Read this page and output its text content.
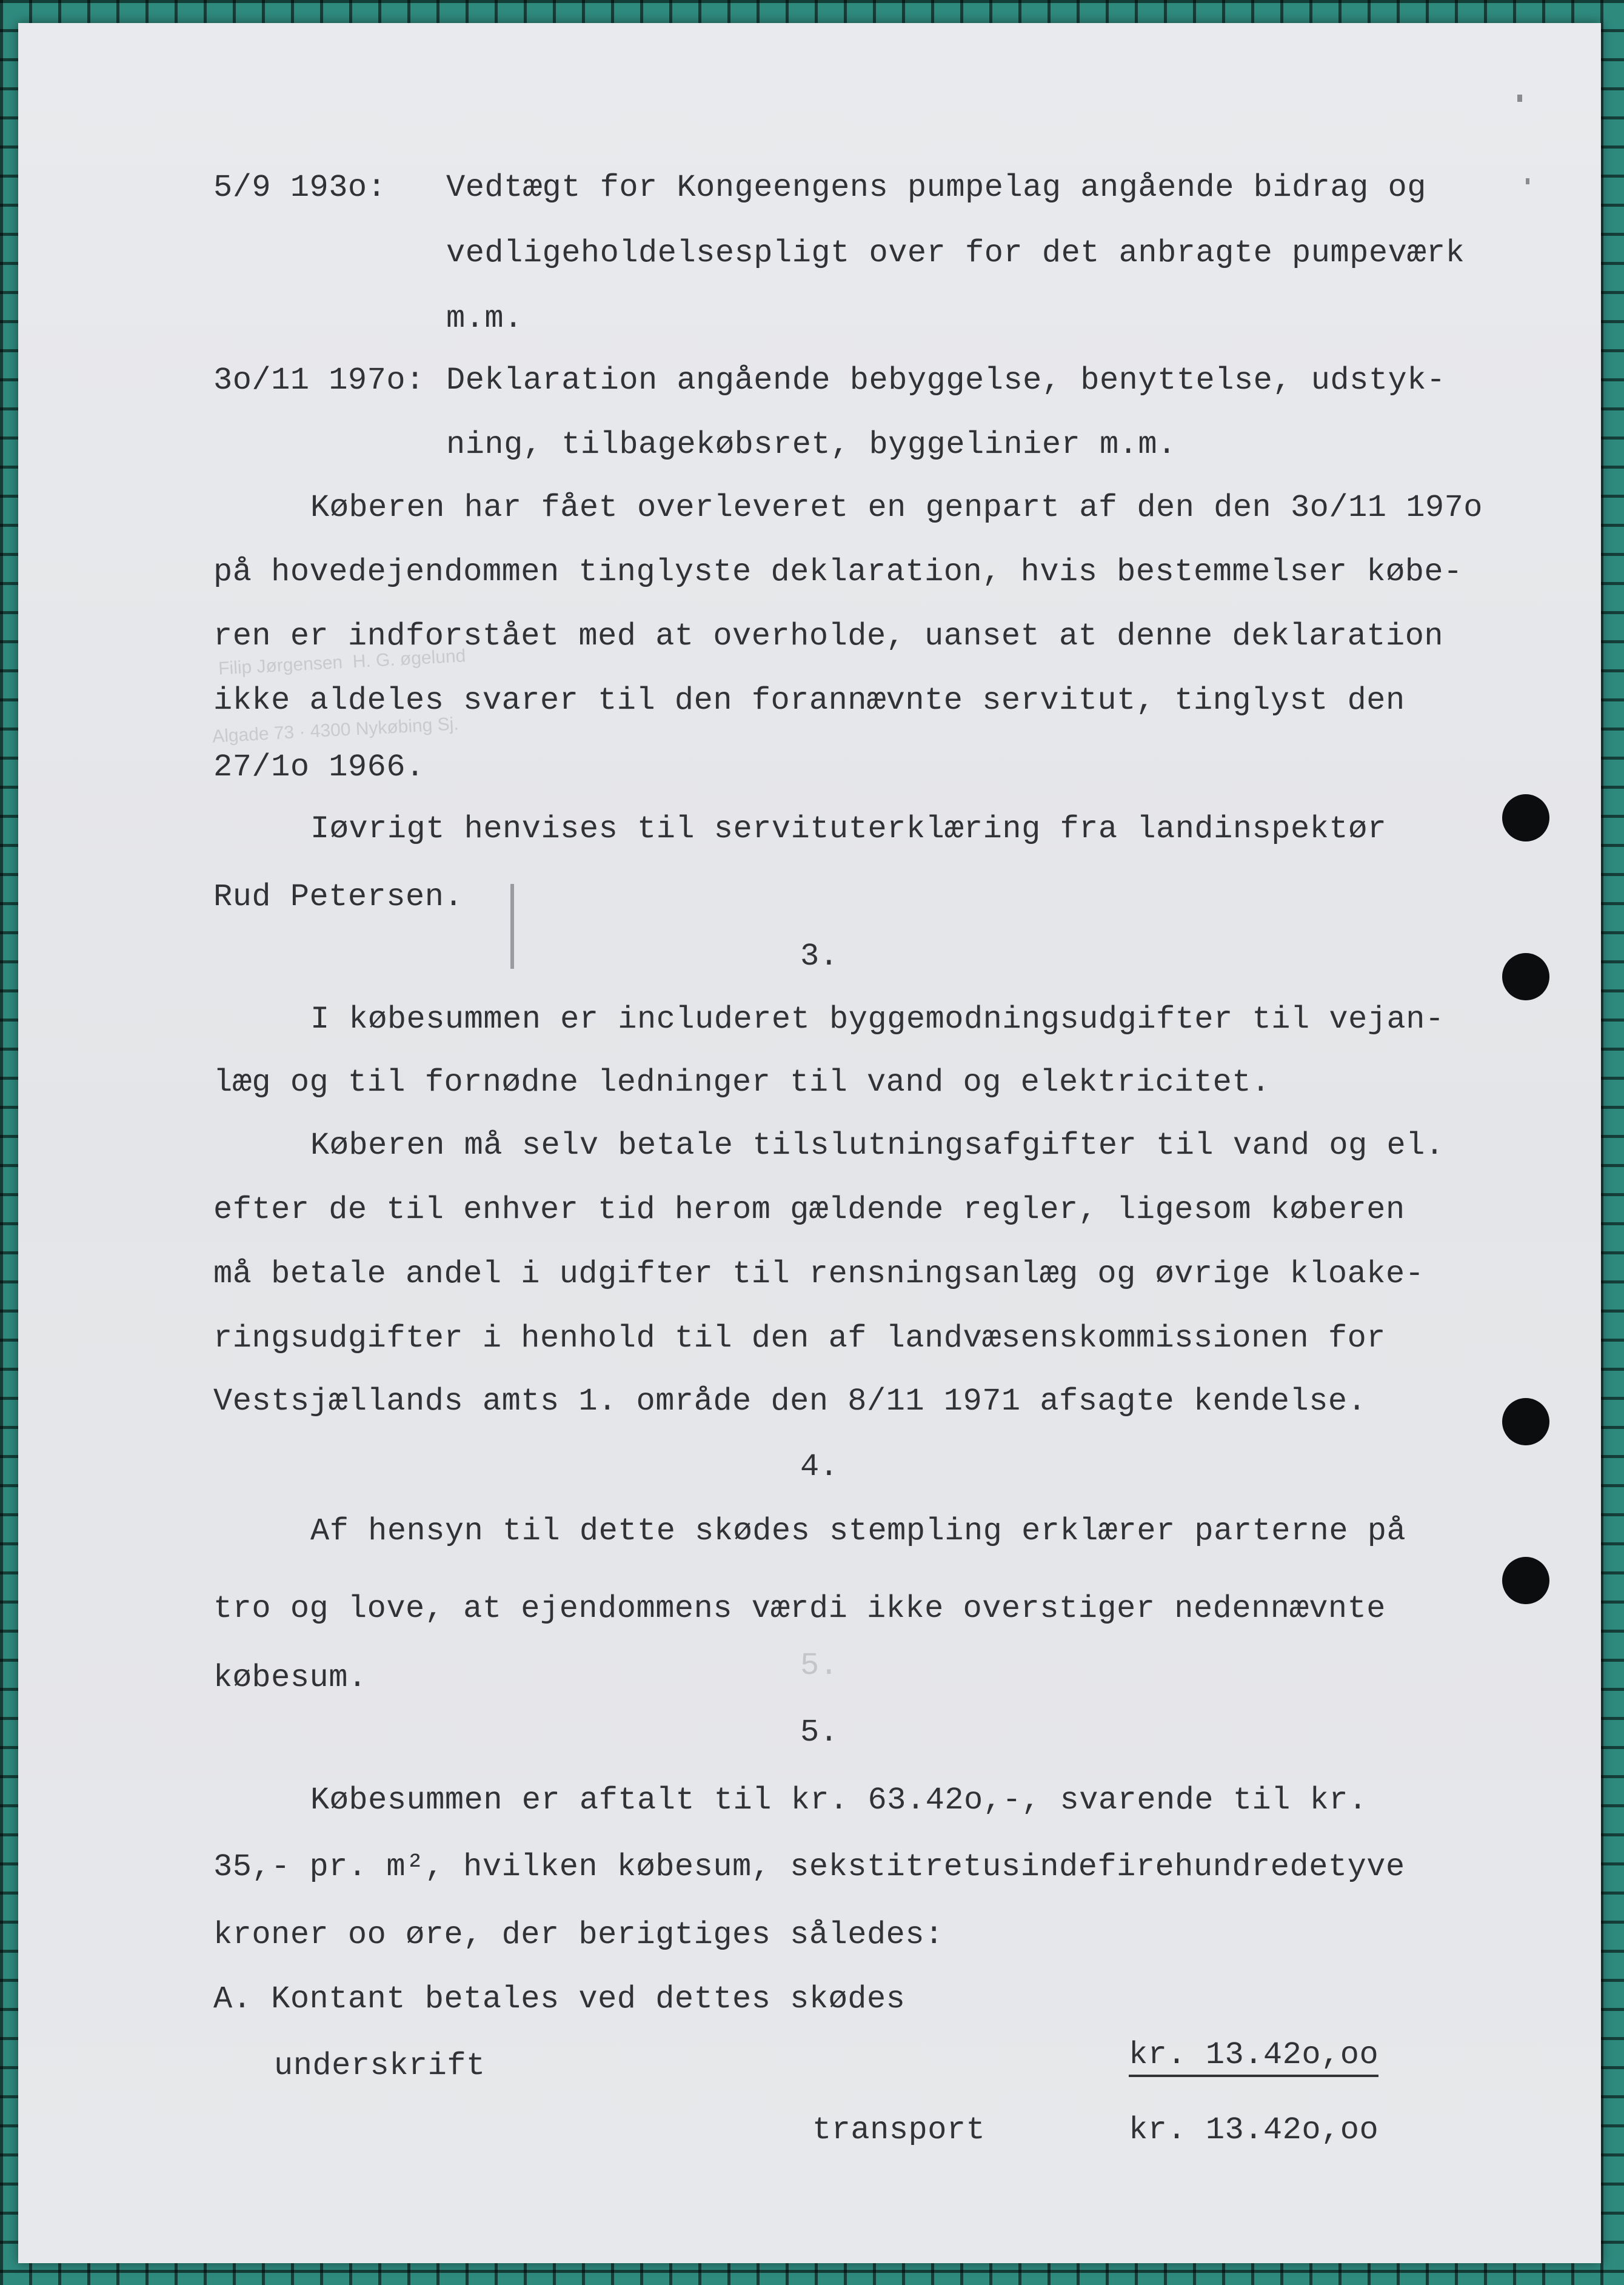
Filip Jørgensen  H. G. øgelund
Algade 73 · 4300 Nykøbing Sj.
5/9 193o: Vedtægt for Kongeengens pumpelag angående bidrag og
vedligeholdelsespligt over for det anbragte pumpeværk
m.m.
3o/11 197o: Deklaration angående bebyggelse, benyttelse, udstyk-
ning, tilbagekøbsret, byggelinier m.m.
Køberen har fået overleveret en genpart af den den 3o/11 197o
på hovedejendommen tinglyste deklaration, hvis bestemmelser købe-
ren er indforstået med at overholde, uanset at denne deklaration
ikke aldeles svarer til den forannævnte servitut, tinglyst den
27/1o 1966.
Iøvrigt henvises til servituterklæring fra landinspektør
Rud Petersen.
3.
I købesummen er includeret byggemodningsudgifter til vejan-
læg og til fornødne ledninger til vand og elektricitet.
Køberen må selv betale tilslutningsafgifter til vand og el.
efter de til enhver tid herom gældende regler, ligesom køberen
må betale andel i udgifter til rensningsanlæg og øvrige kloake-
ringsudgifter i henhold til den af landvæsenskommissionen for
Vestsjællands amts 1. område den 8/11 1971 afsagte kendelse.
4.
Af hensyn til dette skødes stempling erklærer parterne på
tro og love, at ejendommens værdi ikke overstiger nedennævnte
købesum.	5.
5.
Købesummen er aftalt til kr. 63.42o,-, svarende til kr.
35,- pr. m², hvilken købesum, sekstitretusindefirehundredetyve
kroner oo øre, der berigtiges således:
A. Kontant betales ved dettes skødes
underskrift	kr. 13.42o,oo
transport	kr. 13.42o,oo
